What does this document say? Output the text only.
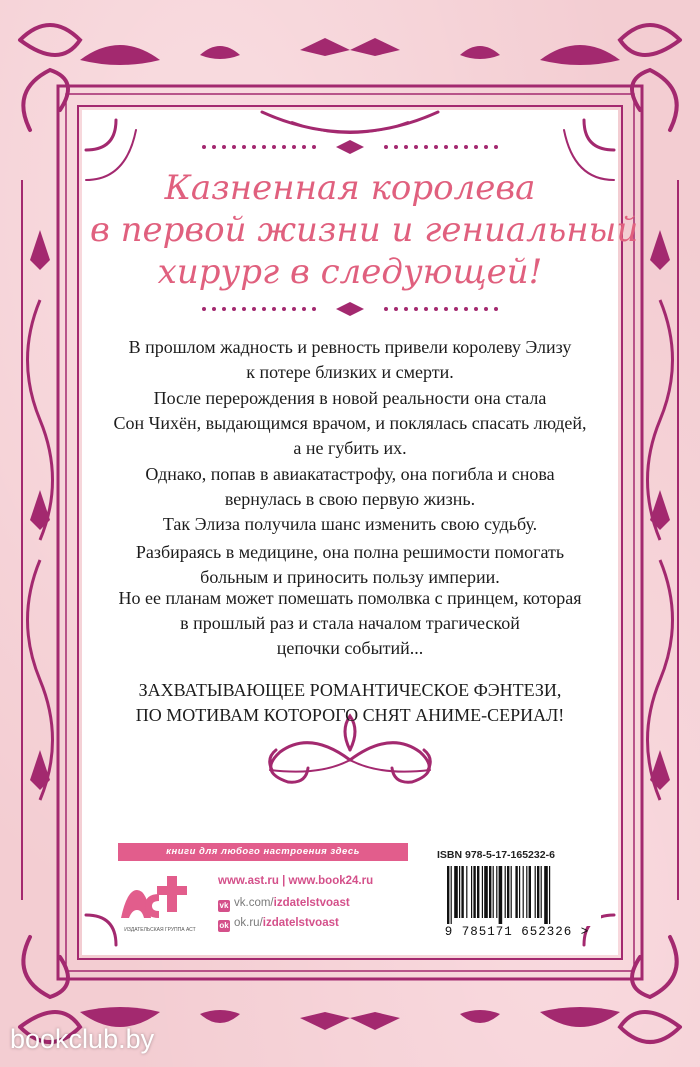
Казненная королева
в первой жизни и гениальный
хирург в следующей!
В прошлом жадность и ревность привели королеву Элизу
к потере близких и смерти.
После перерождения в новой реальности она стала
Сон Чихён, выдающимся врачом, и поклялась спасать людей,
а не губить их.
Однако, попав в авиакатастрофу, она погибла и снова
вернулась в свою первую жизнь.
Так Элиза получила шанс изменить свою судьбу.
Разбираясь в медицине, она полна решимости помогать
больным и приносить пользу империи.
Но ее планам может помешать помолвка с принцем, которая
в прошлый раз и стала началом трагической
цепочки событий...
ЗАХВАТЫВАЮЩЕЕ РОМАНТИЧЕСКОЕ ФЭНТЕЗИ,
ПО МОТИВАМ КОТОРОГО СНЯТ АНИМЕ-СЕРИАЛ!
книги для любого настроения здесь
ИЗДАТЕЛЬСКАЯ ГРУППА АСТ
www.ast.ru | www.book24.ru
vk vk.com/izdatelstvoast
ok ok.ru/izdatelstvoast
ISBN 978-5-17-165232-6
9 785171 652326 >
bookclub.by
